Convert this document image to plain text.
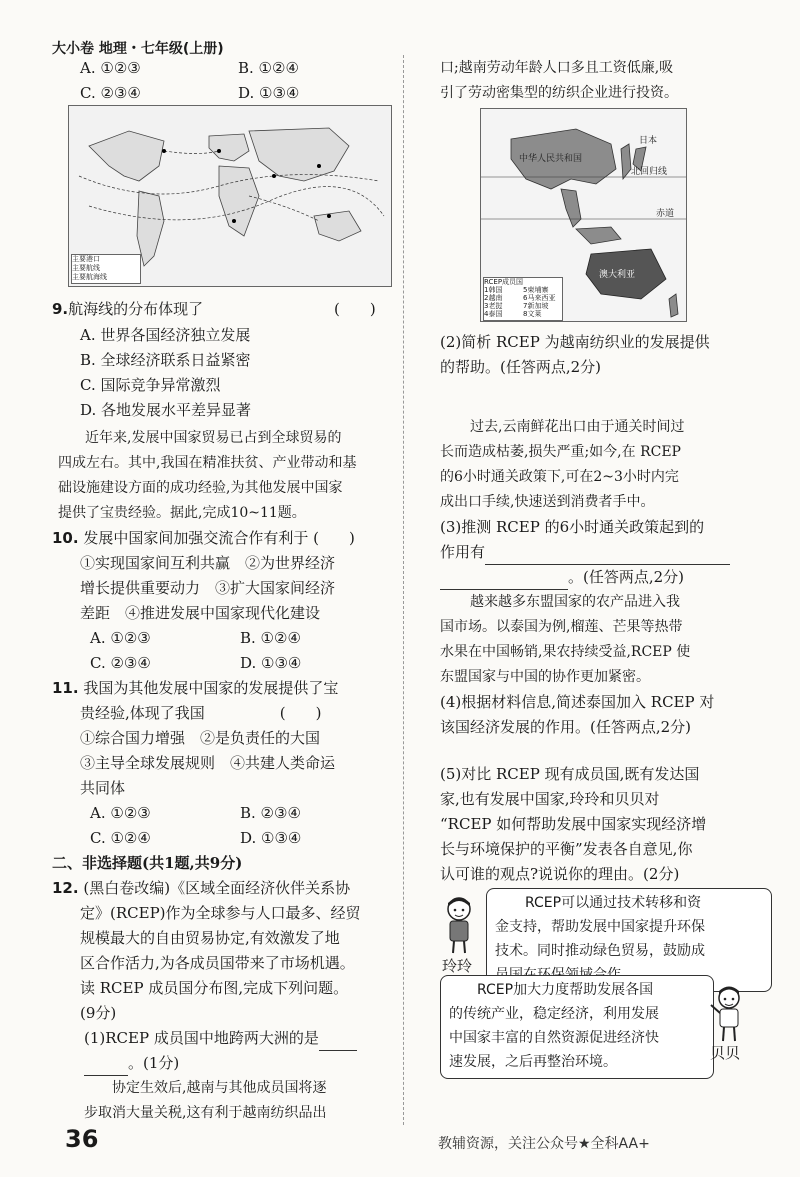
大小卷 地理・七年级(上册)
A. ①②③	B. ①②④
C. ②③④	D. ①③④
主要港口
主要航线
主要航海线
9.航海线的分布体现了	(　　)
A. 世界各国经济独立发展
B. 全球经济联系日益紧密
C. 国际竞争异常激烈
D. 各地发展水平差异显著
近年来,发展中国家贸易已占到全球贸易的
四成左右。其中,我国在精准扶贫、产业带动和基
础设施建设方面的成功经验,为其他发展中国家
提供了宝贵经验。据此,完成10~11题。
10. 发展中国家间加强交流合作有利于 (　　)
①实现国家间互利共赢　②为世界经济
增长提供重要动力　③扩大国家间经济
差距　④推进发展中国家现代化建设
A. ①②③	B. ①②④
C. ②③④	D. ①③④
11. 我国为其他发展中国家的发展提供了宝
贵经验,体现了我国　　　　　(　　)
①综合国力增强　②是负责任的大国
③主导全球发展规则　④共建人类命运
共同体
A. ①②③	B. ②③④
C. ①②④	D. ①③④
二、非选择题(共1题,共9分)
12. (黑白卷改编)《区域全面经济伙伴关系协
定》(RCEP)作为全球参与人口最多、经贸
规模最大的自由贸易协定,有效激发了地
区合作活力,为各成员国带来了市场机遇。
读 RCEP 成员国分布图,完成下列问题。
(9分)
(1)RCEP 成员国中地跨两大洲的是
。(1分)
协定生效后,越南与其他成员国将逐
步取消大量关税,这有利于越南纺织品出
口;越南劳动年龄人口多且工资低廉,吸
引了劳动密集型的纺织企业进行投资。
中华人民共和国
日本
北回归线
赤道
澳大利亚
RCEP成员国
1韩国	5柬埔寨
2越南	6马来西亚
3老挝	7新加坡
4泰国	8文莱
(2)简析 RCEP 为越南纺织业的发展提供
的帮助。(任答两点,2分)
过去,云南鲜花出口由于通关时间过
长而造成枯萎,损失严重;如今,在 RCEP
的6小时通关政策下,可在2~3小时内完
成出口手续,快速送到消费者手中。
(3)推测 RCEP 的6小时通关政策起到的
作用有
。(任答两点,2分)
越来越多东盟国家的农产品进入我
国市场。以泰国为例,榴莲、芒果等热带
水果在中国畅销,果农持续受益,RCEP 使
东盟国家与中国的协作更加紧密。
(4)根据材料信息,简述泰国加入 RCEP 对
该国经济发展的作用。(任答两点,2分)
(5)对比 RCEP 现有成员国,既有发达国
家,也有发展中国家,玲玲和贝贝对
“RCEP 如何帮助发展中国家实现经济增
长与环境保护的平衡”发表各自意见,你
认可谁的观点?说说你的理由。(2分)
玲玲
RCEP可以通过技术转移和资
金支持，帮助发展中国家提升环保
技术。同时推动绿色贸易，鼓励成
RCEP加大力度帮助发展各国
的传统产业，稳定经济，利用发展
中国家丰富的自然资源促进经济快
速发展，之后再整治环境。	贝贝
36	教辅资源，关注公众号★全科AA+
